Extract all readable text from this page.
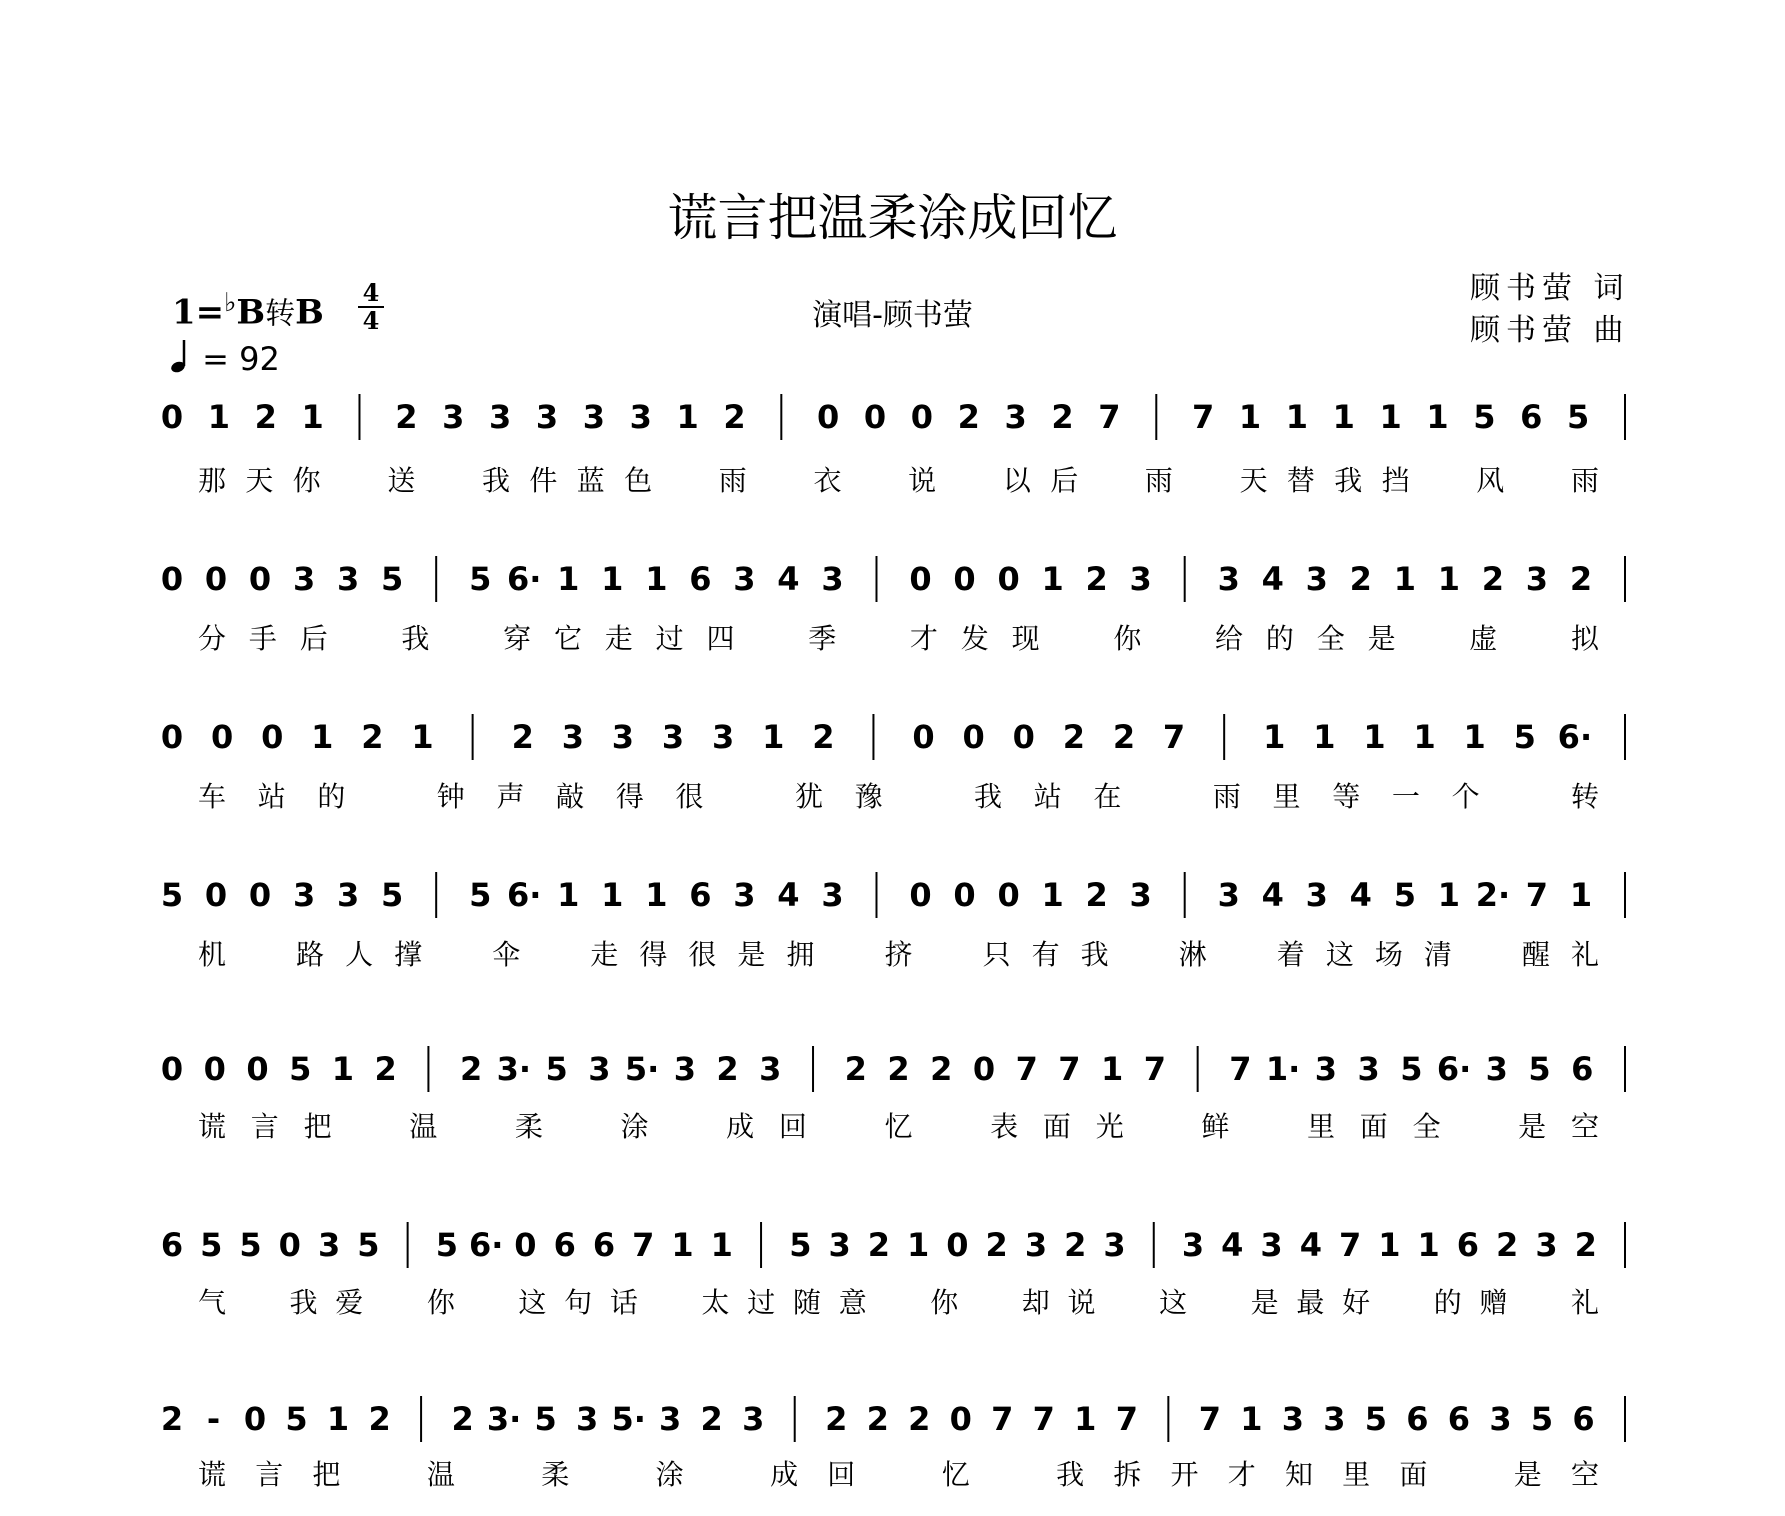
谎言把温柔涂成回忆
1=♭B转B 4
4
= 92
演唱-顾书萤
顾书萤 词
顾书萤 曲
0 1 2 1 2 3 3 3 3 3 1 2 0 0 0 2 3 2 7 7 1 1 1 1 1 5 6 5
那 天 你 送 我 件 蓝 色 雨 衣 说 以 后 雨 天 替 我 挡 风 雨
0 0 0 3 3 5 5 6· 1 1 1 6 3 4 3 0 0 0 1 2 3 3 4 3 2 1 1 2 3 2
分 手 后	我	穿 它 走 过 四	季	才 发 现	你	给 的 全 是	虚	拟
0 0 0 1 2 1 2 3 3 3 3 1 2 0 0 0 2 2 7 1 1 1 1 1 5 6·
车 站 的	钟 声 敲 得 很	犹 豫	我 站 在	雨 里 等 一 个	转
5 0 0 3 3 5 5 6· 1 1 1 6 3 4 3 0 0 0 1 2 3 3 4 3 4 5 1 2· 7 1
机	路 人 撑	伞	走 得 很 是 拥	挤	只 有 我	淋	着 这 场 清	醒 礼
0 0 0 5 1 2 2 3· 5 3 5· 3 2 3 2 2 2 0 7 7 1 7 7 1· 3 3 5 6· 3 5 6
谎 言 把	温	柔	涂	成 回	忆	表 面 光	鲜	里 面 全	是 空
6 5 5 0 3 5 5 6· 0 6 6 7 1 1 5 3 2 1 0 2 3 2 3 3 4 3 4 7 1 1 6 2 3 2
气 我 爱 你 这 句 话 太 过 随 意 你 却 说 这 是 最 好 的 赠 礼
2 - 0 5 1 2 2 3· 5 3 5· 3 2 3 2 2 2 0 7 7 1 7 7 1 3 3 5 6 6 3 5 6
谎 言 把	温	柔	涂	成 回	忆	我 拆 开 才 知 里 面	是 空
